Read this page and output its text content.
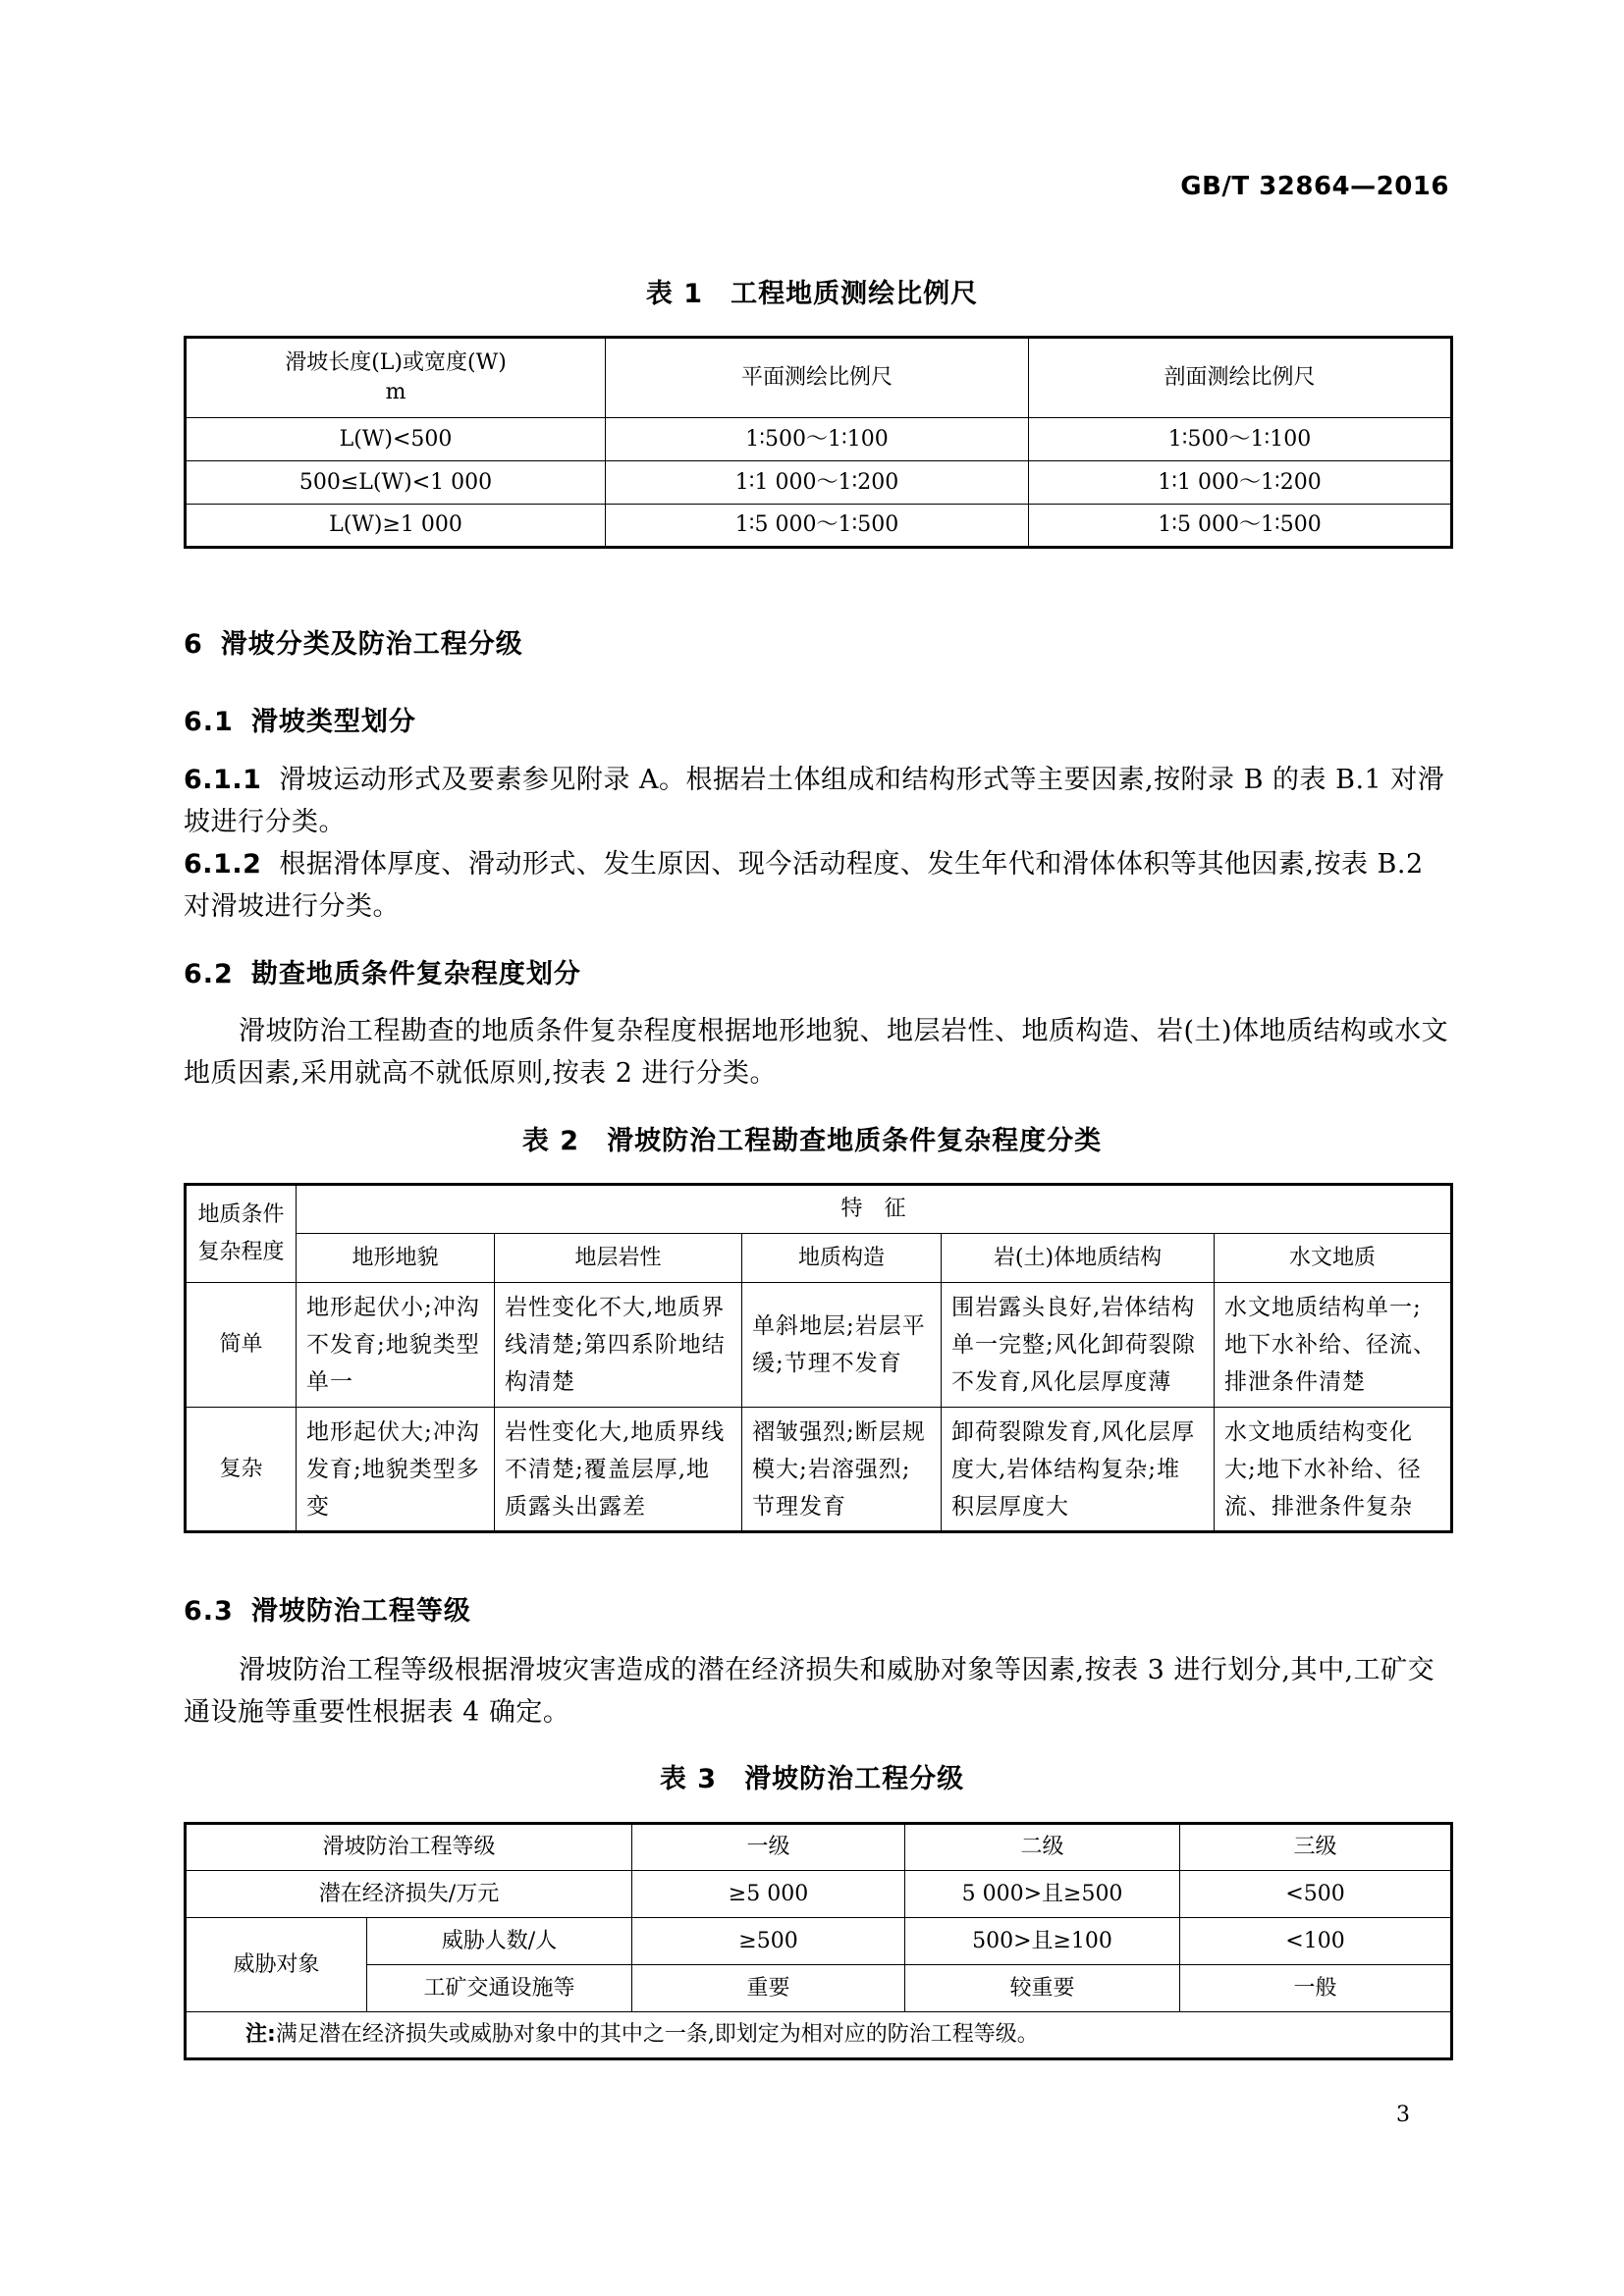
GB/T 32864—2016
表 1　工程地质测绘比例尺
滑坡长度(L)或宽度(W)
m	平面测绘比例尺	剖面测绘比例尺
L(W)<500	1∶500～1∶100	1∶500～1∶100
500≤L(W)<1 000	1∶1 000～1∶200	1∶1 000～1∶200
L(W)≥1 000	1∶5 000～1∶500	1∶5 000～1∶500
6 滑坡分类及防治工程分级
6.1 滑坡类型划分
6.1.1 滑坡运动形式及要素参见附录 A。根据岩土体组成和结构形式等主要因素,按附录 B 的表 B.1 对滑坡进行分类。
6.1.2 根据滑体厚度、滑动形式、发生原因、现今活动程度、发生年代和滑体体积等其他因素,按表 B.2 对滑坡进行分类。
6.2 勘查地质条件复杂程度划分
滑坡防治工程勘查的地质条件复杂程度根据地形地貌、地层岩性、地质构造、岩(土)体地质结构或水文地质因素,采用就高不就低原则,按表 2 进行分类。
表 2　滑坡防治工程勘查地质条件复杂程度分类
地质条件复杂程度	特　征				
	地形地貌	地层岩性	地质构造	岩(土)体地质结构	水文地质
简单	地形起伏小;冲沟不发育;地貌类型单一	岩性变化不大,地质界线清楚;第四系阶地结构清楚	单斜地层;岩层平缓;节理不发育	围岩露头良好,岩体结构单一完整;风化卸荷裂隙不发育,风化层厚度薄	水文地质结构单一;地下水补给、径流、排泄条件清楚
复杂	地形起伏大;冲沟发育;地貌类型多变	岩性变化大,地质界线不清楚;覆盖层厚,地质露头出露差	褶皱强烈;断层规模大;岩溶强烈;节理发育	卸荷裂隙发育,风化层厚度大,岩体结构复杂;堆积层厚度大	水文地质结构变化大;地下水补给、径流、排泄条件复杂
6.3 滑坡防治工程等级
滑坡防治工程等级根据滑坡灾害造成的潜在经济损失和威胁对象等因素,按表 3 进行划分,其中,工矿交通设施等重要性根据表 4 确定。
表 3　滑坡防治工程分级
滑坡防治工程等级		一级	二级	三级
潜在经济损失/万元		≥5 000	5 000>且≥500	<500
威胁对象	威胁人数/人	≥500	500>且≥100	<100
	工矿交通设施等	重要	较重要	一般
注:满足潜在经济损失或威胁对象中的其中之一条,即划定为相对应的防治工程等级。				
3
